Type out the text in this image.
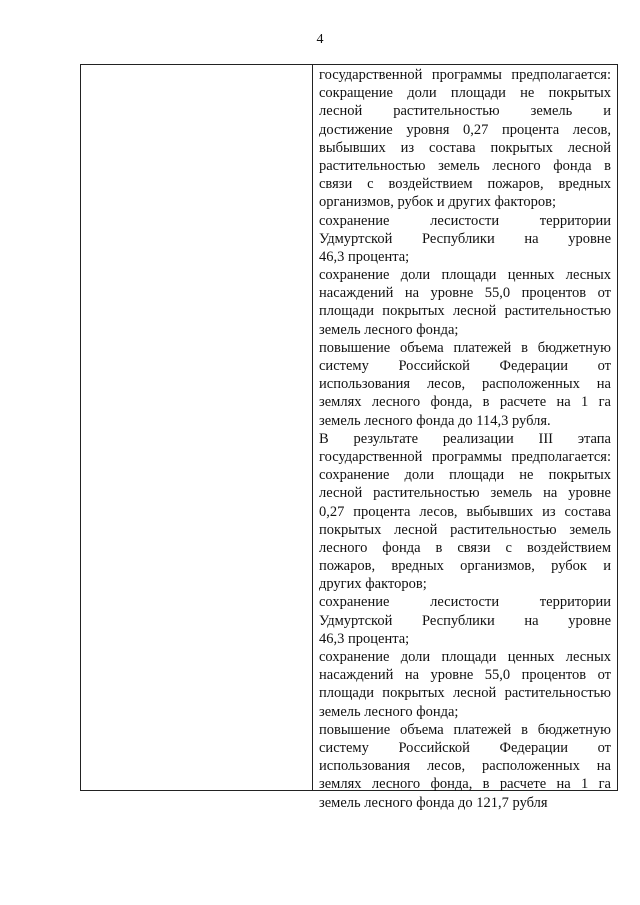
4
государственной программы предполагается:
сокращение доли площади не покрытых
лесной растительностью земель и
достижение уровня 0,27 процента лесов,
выбывших из состава покрытых лесной
растительностью земель лесного фонда в
связи с воздействием пожаров, вредных
организмов, рубок и других факторов;
сохранение лесистости территории
Удмуртской Республики на уровне
46,3 процента;
сохранение доли площади ценных лесных
насаждений на уровне 55,0 процентов от
площади покрытых лесной растительностью
земель лесного фонда;
повышение объема платежей в бюджетную
систему Российской Федерации от
использования лесов, расположенных на
землях лесного фонда, в расчете на 1 га
земель лесного фонда до 114,3 рубля.
В результате реализации III этапа
государственной программы предполагается:
сохранение доли площади не покрытых
лесной растительностью земель на уровне
0,27 процента лесов, выбывших из состава
покрытых лесной растительностью земель
лесного фонда в связи с воздействием
пожаров, вредных организмов, рубок и
других факторов;
сохранение лесистости территории
Удмуртской Республики на уровне
46,3 процента;
сохранение доли площади ценных лесных
насаждений на уровне 55,0 процентов от
площади покрытых лесной растительностью
земель лесного фонда;
повышение объема платежей в бюджетную
систему Российской Федерации от
использования лесов, расположенных на
землях лесного фонда, в расчете на 1 га
земель лесного фонда до 121,7 рубля
